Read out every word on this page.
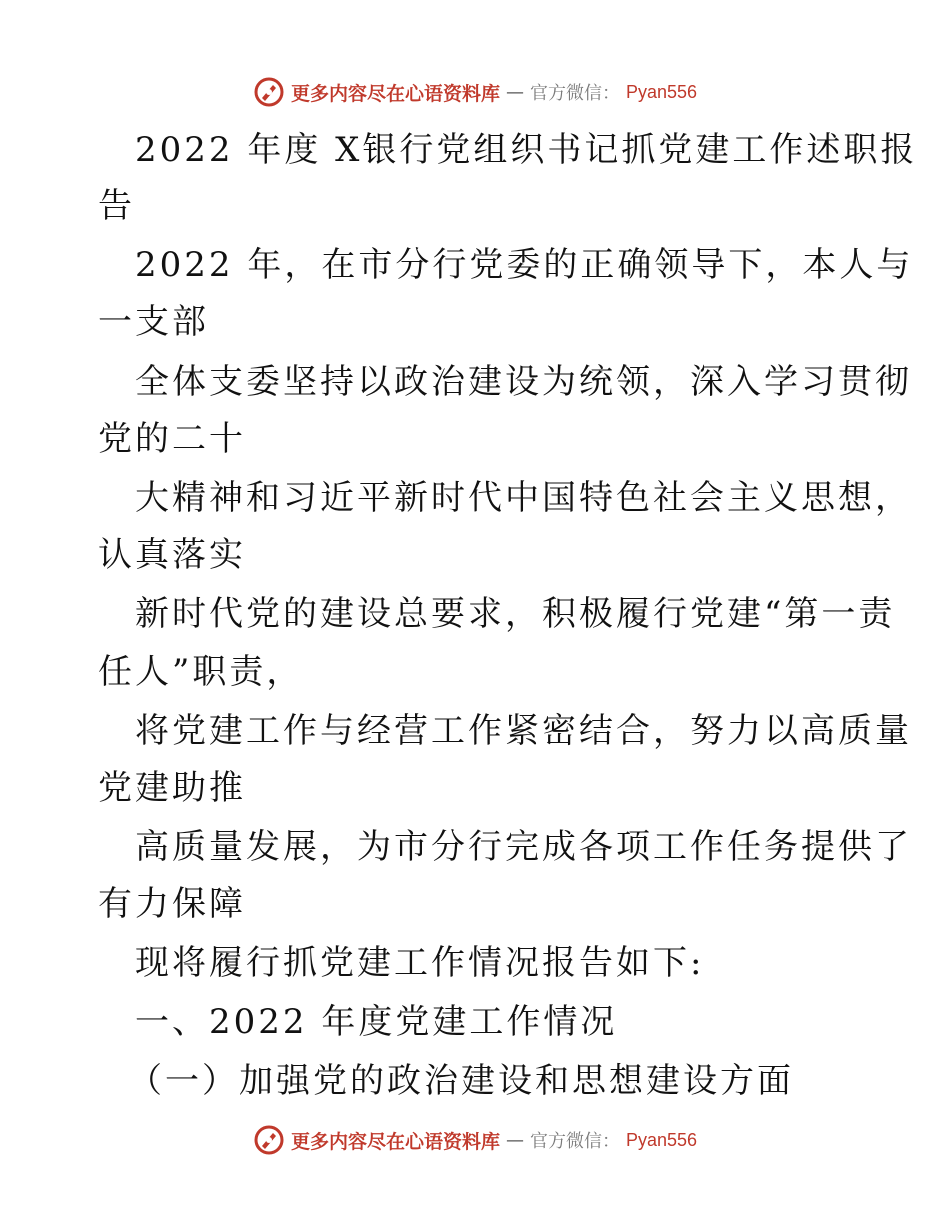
更多内容尽在心语资料库 — 官方微信： Pyan556
2022 年度 X银行党组织书记抓党建工作述职报
告
2022 年，在市分行党委的正确领导下，本人与
一支部
全体支委坚持以政治建设为统领，深入学习贯彻
党的二十
大精神和习近平新时代中国特色社会主义思想，
认真落实
新时代党的建设总要求，积极履行党建“第一责
任人”职责，
将党建工作与经营工作紧密结合，努力以高质量
党建助推
高质量发展，为市分行完成各项工作任务提供了
有力保障
现将履行抓党建工作情况报告如下:
一、2022 年度党建工作情况
（一）加强党的政治建设和思想建设方面
更多内容尽在心语资料库 — 官方微信： Pyan556
